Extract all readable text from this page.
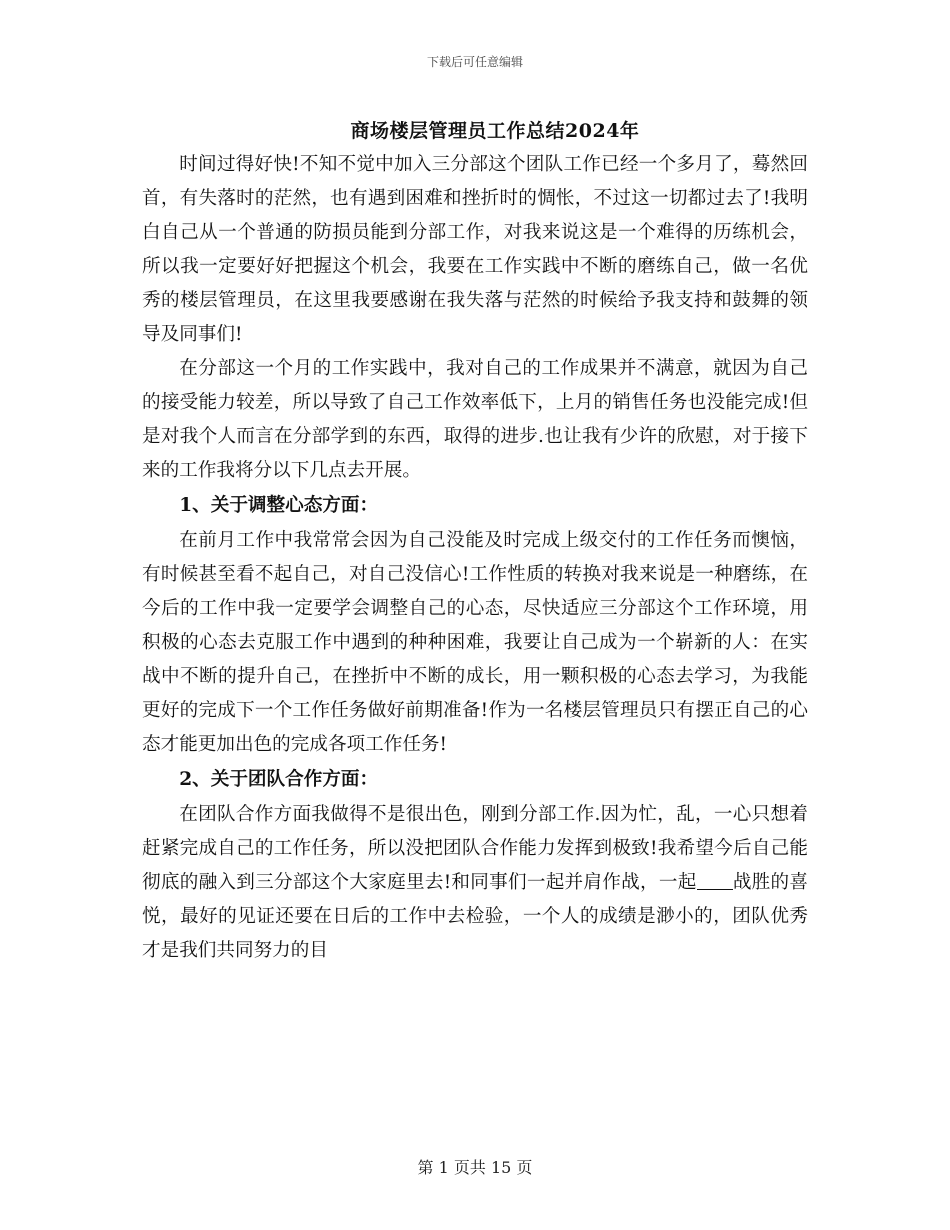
下载后可任意编辑
商场楼层管理员工作总结2024年

时间过得好快!不知不觉中加入三分部这个团队工作已经一个多月了，蓦然回首，有失落时的茫然，也有遇到困难和挫折时的惆怅，不过这一切都过去了!我明白自己从一个普通的防损员能到分部工作，对我来说这是一个难得的历练机会，所以我一定要好好把握这个机会，我要在工作实践中不断的磨练自己，做一名优秀的楼层管理员，在这里我要感谢在我失落与茫然的时候给予我支持和鼓舞的领导及同事们!

在分部这一个月的工作实践中，我对自己的工作成果并不满意，就因为自己的接受能力较差，所以导致了自己工作效率低下，上月的销售任务也没能完成!但是对我个人而言在分部学到的东西，取得的进步.也让我有少许的欣慰，对于接下来的工作我将分以下几点去开展。

1、关于调整心态方面：

在前月工作中我常常会因为自己没能及时完成上级交付的工作任务而懊恼，有时候甚至看不起自己，对自己没信心!工作性质的转换对我来说是一种磨练，在今后的工作中我一定要学会调整自己的心态，尽快适应三分部这个工作环境，用积极的心态去克服工作中遇到的种种困难，我要让自己成为一个崭新的人：在实战中不断的提升自己，在挫折中不断的成长，用一颗积极的心态去学习，为我能更好的完成下一个工作任务做好前期准备!作为一名楼层管理员只有摆正自己的心态才能更加出色的完成各项工作任务!

2、关于团队合作方面：

在团队合作方面我做得不是很出色，刚到分部工作.因为忙，乱，一心只想着赶紧完成自己的工作任务，所以没把团队合作能力发挥到极致!我希望今后自己能彻底的融入到三分部这个大家庭里去!和同事们一起并肩作战，一起 战胜的喜悦，最好的见证还要在日后的工作中去检验，一个人的成绩是渺小的，团队优秀才是我们共同努力的目

第 1 页共 15 页
